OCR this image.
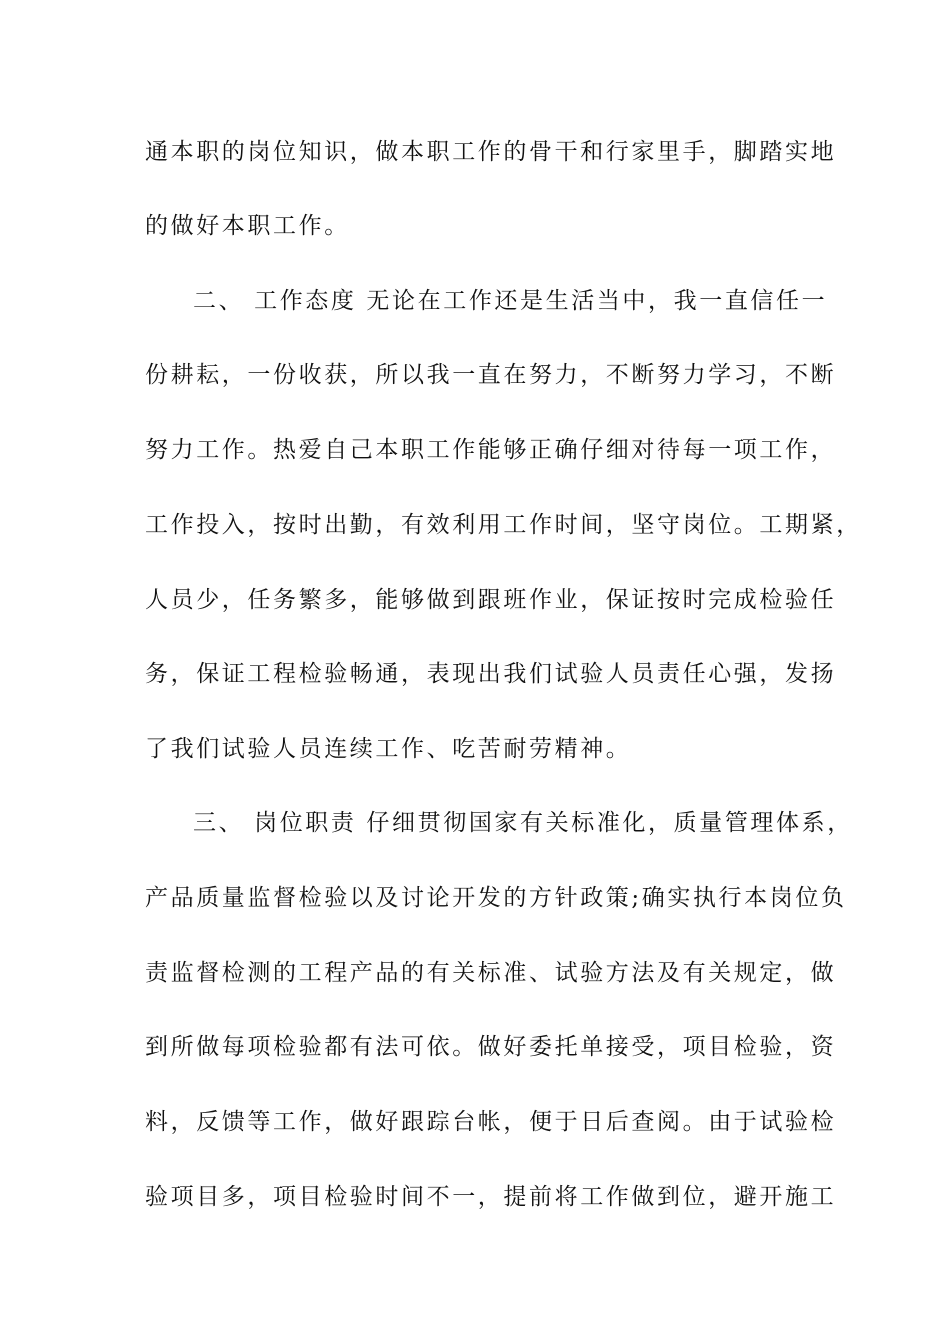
通本职的岗位知识，做本职工作的骨干和行家里手，脚踏实地
的做好本职工作。
二、 工作态度 无论在工作还是生活当中，我一直信任一
份耕耘，一份收获，所以我一直在努力，不断努力学习，不断
努力工作。热爱自己本职工作能够正确仔细对待每一项工作，
工作投入，按时出勤，有效利用工作时间，坚守岗位。工期紧，
人员少，任务繁多，能够做到跟班作业，保证按时完成检验任
务，保证工程检验畅通，表现出我们试验人员责任心强，发扬
了我们试验人员连续工作、吃苦耐劳精神。
三、 岗位职责 仔细贯彻国家有关标准化，质量管理体系，
产品质量监督检验以及讨论开发的方针政策;确实执行本岗位负
责监督检测的工程产品的有关标准、试验方法及有关规定，做
到所做每项检验都有法可依。做好委托单接受，项目检验，资
料，反馈等工作，做好跟踪台帐，便于日后查阅。由于试验检
验项目多，项目检验时间不一，提前将工作做到位，避开施工
